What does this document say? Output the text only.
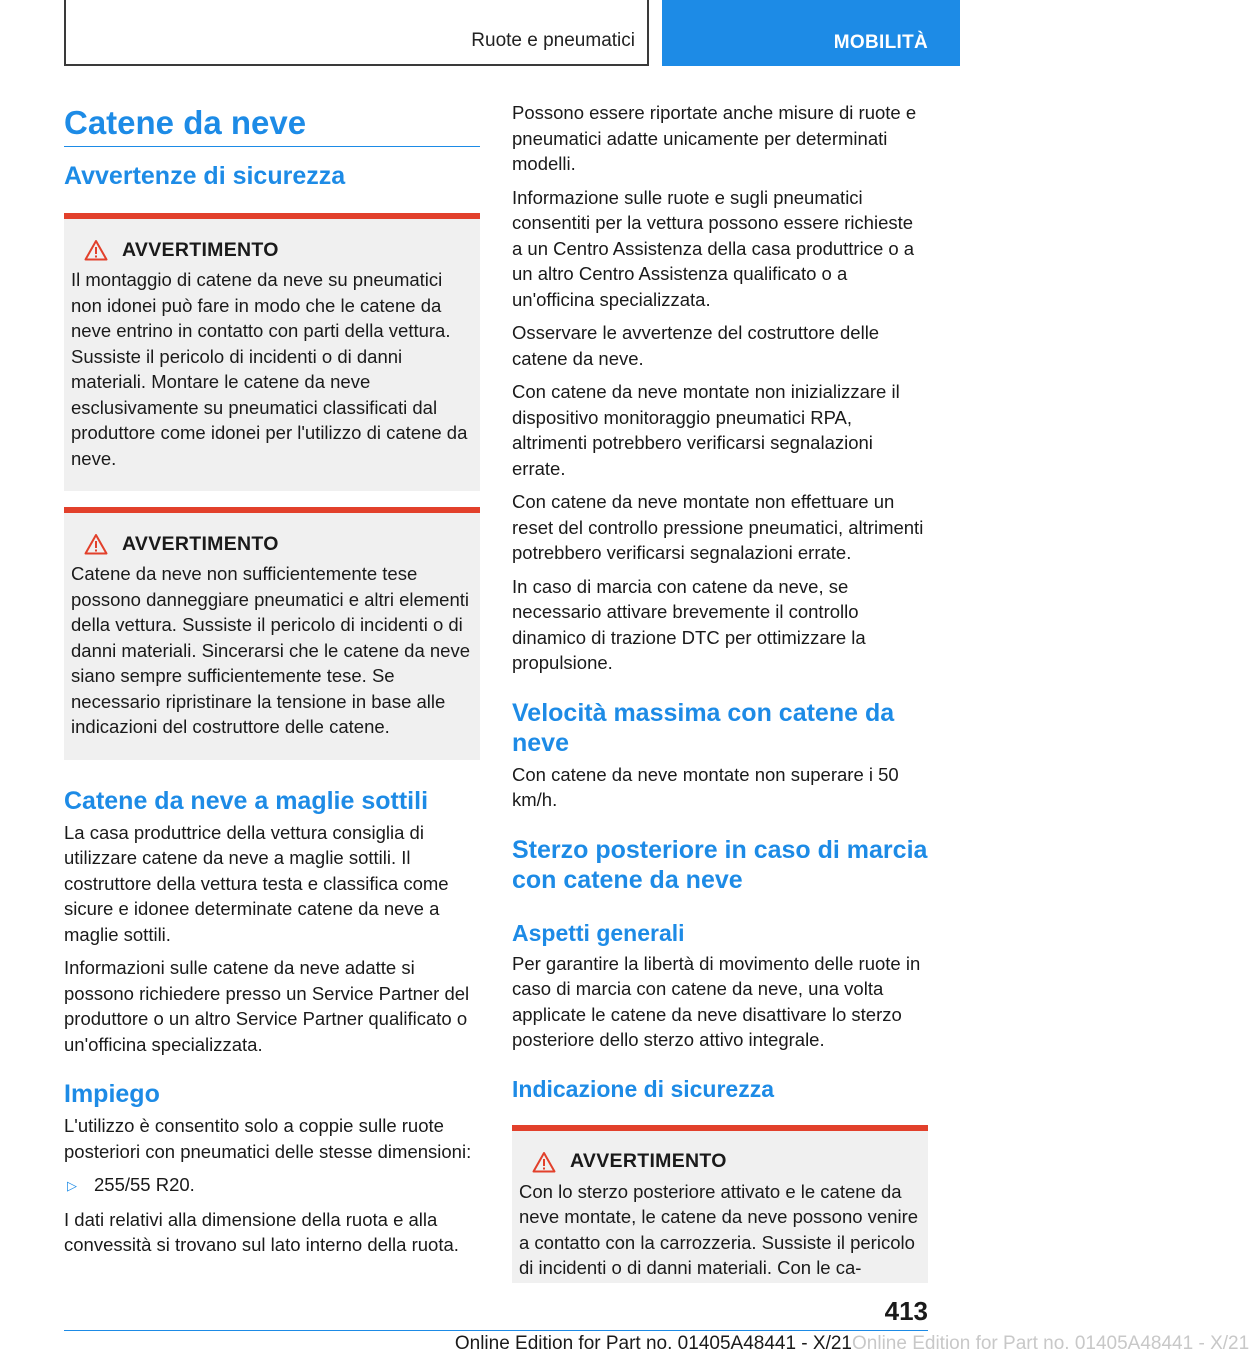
Ruote e pneumatici	MOBILITÀ
Catene da neve
Avvertenze di sicurezza
AVVERTIMENTO

Il montaggio di catene da neve su pneumatici non idonei può fare in modo che le catene da neve entrino in contatto con parti della vettura. Sussiste il pericolo di incidenti o di danni materiali. Montare le catene da neve esclusivamente su pneumatici classificati dal produttore come idonei per l'utilizzo di catene da neve.

AVVERTIMENTO

Catene da neve non sufficientemente tese possono danneggiare pneumatici e altri elementi della vettura. Sussiste il pericolo di incidenti o di danni materiali. Sincerarsi che le catene da neve siano sempre sufficientemente tese. Se necessario ripristinare la tensione in base alle indicazioni del costruttore delle catene.

Catene da neve a maglie sottili

La casa produttrice della vettura consiglia di utilizzare catene da neve a maglie sottili. Il costruttore della vettura testa e classifica come sicure e idonee determinate catene da neve a maglie sottili.

Informazioni sulle catene da neve adatte si possono richiedere presso un Service Partner del produttore o un altro Service Partner qualificato o un'officina specializzata.

Impiego

L'utilizzo è consentito solo a coppie sulle ruote posteriori con pneumatici delle stesse dimensioni:

▷ 255/55 R20.

I dati relativi alla dimensione della ruota e alla convessità si trovano sul lato interno della ruota.

Possono essere riportate anche misure di ruote e pneumatici adatte unicamente per determinati modelli.

Informazione sulle ruote e sugli pneumatici consentiti per la vettura possono essere richieste a un Centro Assistenza della casa produttrice o a un altro Centro Assistenza qualificato o a un'officina specializzata.

Osservare le avvertenze del costruttore delle catene da neve.

Con catene da neve montate non inizializzare il dispositivo monitoraggio pneumatici RPA, altrimenti potrebbero verificarsi segnalazioni errate.

Con catene da neve montate non effettuare un reset del controllo pressione pneumatici, altrimenti potrebbero verificarsi segnalazioni errate.

In caso di marcia con catene da neve, se necessario attivare brevemente il controllo dinamico di trazione DTC per ottimizzare la propulsione.

Velocità massima con catene da neve

Con catene da neve montate non superare i 50 km/h.

Sterzo posteriore in caso di marcia con catene da neve
Aspetti generali

Per garantire la libertà di movimento delle ruote in caso di marcia con catene da neve, una volta applicate le catene da neve disattivare lo sterzo posteriore dello sterzo attivo integrale.

Indicazione di sicurezza
AVVERTIMENTO

Con lo sterzo posteriore attivato e le catene da neve montate, le catene da neve possono venire a contatto con la carrozzeria. Sussiste il pericolo di incidenti o di danni materiali. Con le ca-

413
Online Edition for Part no. 01405A48441 - X/21 Online Edition for Part no. 01405A48441 - X/21
